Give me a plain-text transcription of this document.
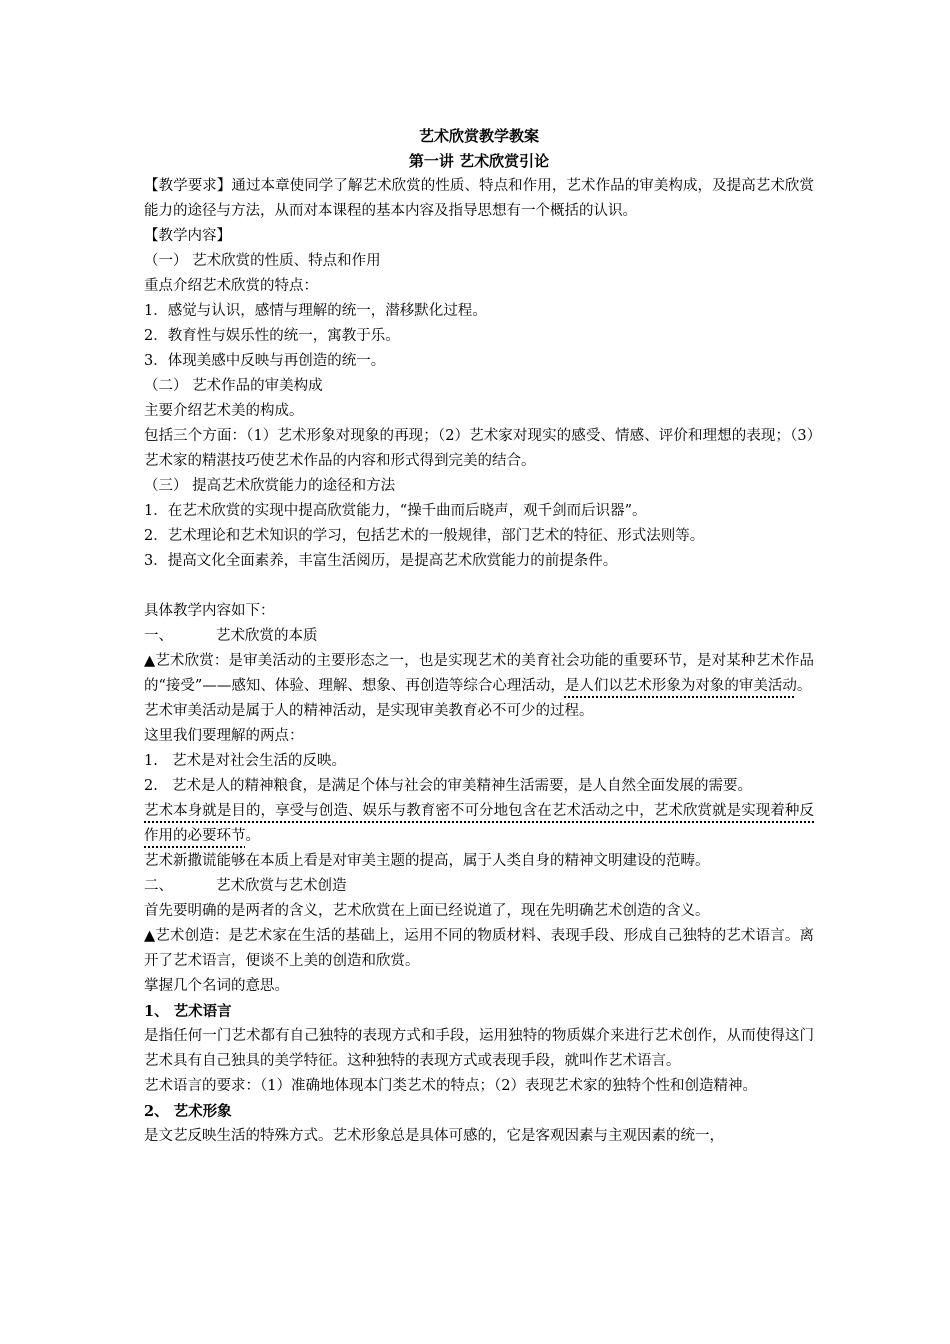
艺术欣赏教学教案
第一讲 艺术欣赏引论
【教学要求】通过本章使同学了解艺术欣赏的性质、特点和作用，艺术作品的审美构成，及提高艺术欣赏能力的途径与方法，从而对本课程的基本内容及指导思想有一个概括的认识。
【教学内容】
（一） 艺术欣赏的性质、特点和作用
重点介绍艺术欣赏的特点：
1．感觉与认识，感情与理解的统一，潜移默化过程。
2．教育性与娱乐性的统一，寓教于乐。
3．体现美感中反映与再创造的统一。
（二） 艺术作品的审美构成
主要介绍艺术美的构成。
包括三个方面：（1）艺术形象对现象的再现；（2）艺术家对现实的感受、情感、评价和理想的表现；（3）艺术家的精湛技巧使艺术作品的内容和形式得到完美的结合。
（三） 提高艺术欣赏能力的途径和方法
1．在艺术欣赏的实现中提高欣赏能力，“操千曲而后晓声，观千剑而后识器”。
2．艺术理论和艺术知识的学习，包括艺术的一般规律，部门艺术的特征、形式法则等。
3．提高文化全面素养，丰富生活阅历，是提高艺术欣赏能力的前提条件。
具体教学内容如下：
一、	艺术欣赏的本质
▲艺术欣赏：是审美活动的主要形态之一，也是实现艺术的美育社会功能的重要环节，是对某种艺术作品的“接受”——感知、体验、理解、想象、再创造等综合心理活动，是人们以艺术形象为对象的审美活动。
艺术审美活动是属于人的精神活动，是实现审美教育必不可少的过程。
这里我们要理解的两点：
1. 艺术是对社会生活的反映。
2. 艺术是人的精神粮食，是满足个体与社会的审美精神生活需要，是人自然全面发展的需要。
艺术本身就是目的，享受与创造、娱乐与教育密不可分地包含在艺术活动之中，艺术欣赏就是实现着种反作用的必要环节。
艺术新撒谎能够在本质上看是对审美主题的提高，属于人类自身的精神文明建设的范畴。
二、	艺术欣赏与艺术创造
首先要明确的是两者的含义，艺术欣赏在上面已经说道了，现在先明确艺术创造的含义。
▲艺术创造：是艺术家在生活的基础上，运用不同的物质材料、表现手段、形成自己独特的艺术语言。离开了艺术语言，便谈不上美的创造和欣赏。
掌握几个名词的意思。
1、 艺术语言
是指任何一门艺术都有自己独特的表现方式和手段，运用独特的物质媒介来进行艺术创作，从而使得这门艺术具有自己独具的美学特征。这种独特的表现方式或表现手段，就叫作艺术语言。
艺术语言的要求：（1）准确地体现本门类艺术的特点；（2）表现艺术家的独特个性和创造精神。
2、 艺术形象
是文艺反映生活的特殊方式。艺术形象总是具体可感的，它是客观因素与主观因素的统一，
